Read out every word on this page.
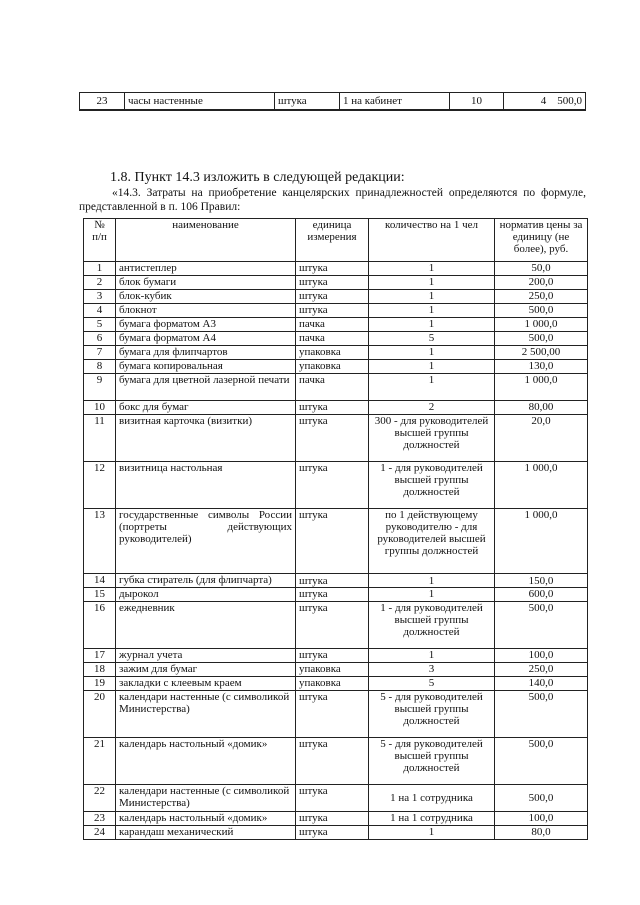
23	часы настенные	штука	1 на кабинет	10	4 500,0
1.8. Пункт 14.3 изложить в следующей редакции:
«14.3. Затраты на приобретение канцелярских принадлежностей определяются по формуле, представленной в п. 106 Правил:
№
п/п	наименование	единица измерения	количество на 1 чел	норматив цены за единицу (не более), руб.
1	антистеплер	штука	1	50,0
2	блок бумаги	штука	1	200,0
3	блок-кубик	штука	1	250,0
4	блокнот	штука	1	500,0
5	бумага форматом А3	пачка	1	1 000,0
6	бумага форматом А4	пачка	5	500,0
7	бумага для флипчартов	упаковка	1	2 500,00
8	бумага копировальная	упаковка	1	130,0
9	бумага для цветной лазерной печати	пачка	1	1 000,0
10	бокс для бумаг	штука	2	80,00
11	визитная карточка (визитки)	штука	300 - для руководителей высшей группы должностей	20,0
12	визитница настольная	штука	1 - для руководителей высшей группы должностей	1 000,0
13	государственные символы России (портреты действующих руководителей)	штука	по 1 действующему руководителю - для руководителей высшей группы должностей	1 000,0
14	губка стиратель (для флипчарта)	штука	1	150,0
15	дырокол	штука	1	600,0
16	ежедневник	штука	1 - для руководителей высшей группы должностей	500,0
17	журнал учета	штука	1	100,0
18	зажим для бумаг	упаковка	3	250,0
19	закладки с клеевым краем	упаковка	5	140,0
20	календари настенные (с символикой Министерства)	штука	5 - для руководителей высшей группы должностей	500,0
21	календарь настольный «домик»	штука	5 - для руководителей высшей группы должностей	500,0
22	календари настенные (с символикой Министерства)	штука	1 на 1 сотрудника	500,0
23	календарь настольный «домик»	штука	1 на 1 сотрудника	100,0
24	карандаш механический	штука	1	80,0
